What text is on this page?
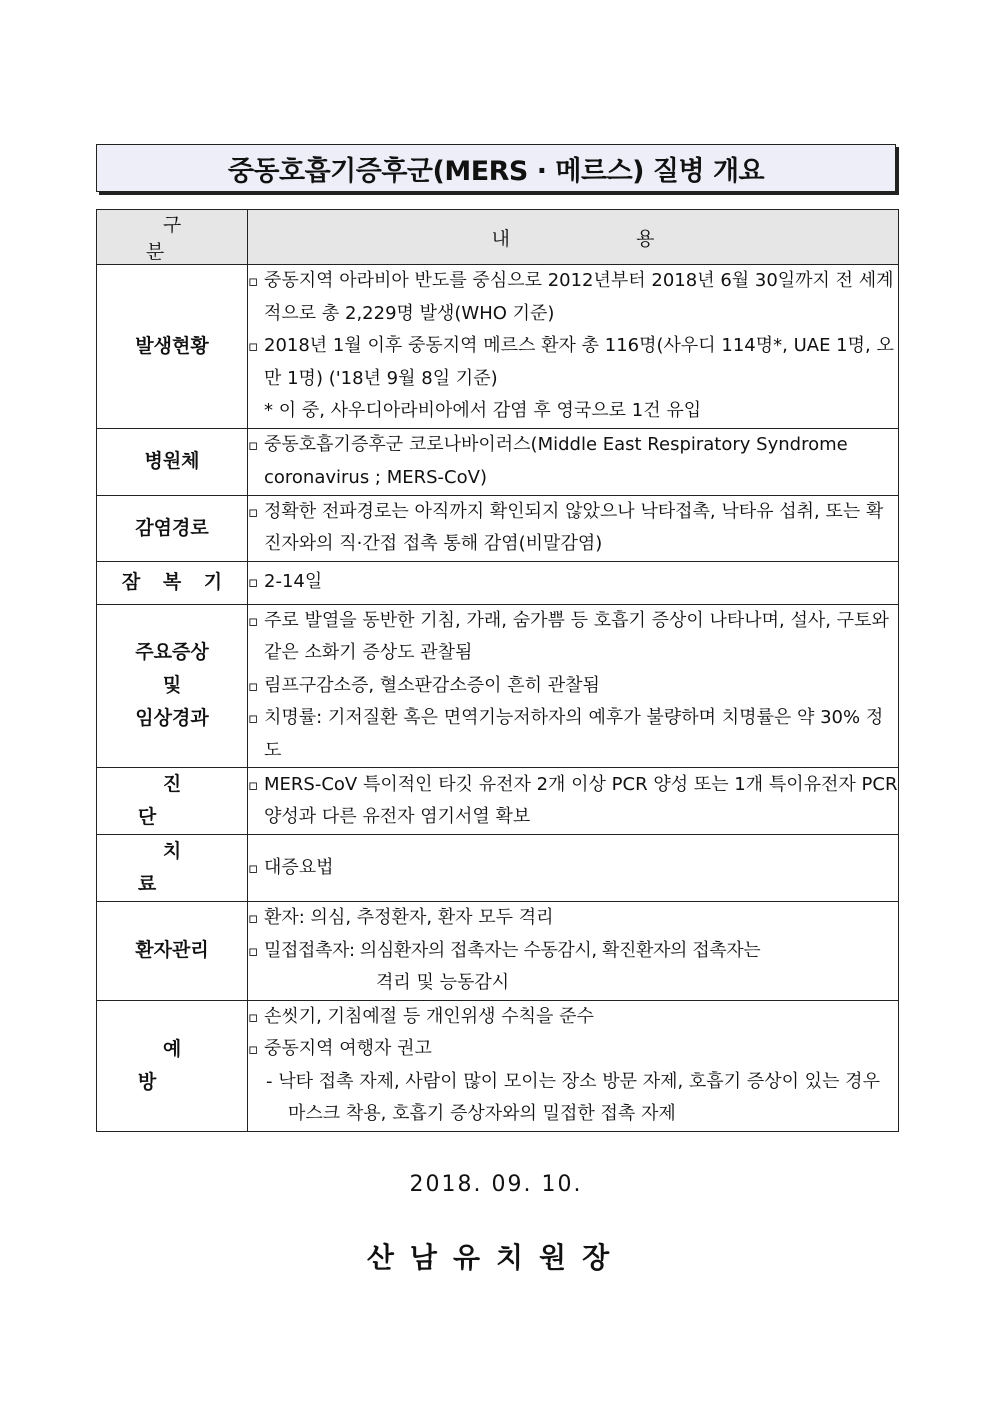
중동호흡기증후군(MERS · 메르스) 질병 개요
구 분	내 용
발생현황	▫ 중동지역 아라비아 반도를 중심으로 2012년부터 2018년 6월 30일까지 전 세계적으로 총 2,229명 발생(WHO 기준)
▫ 2018년 1월 이후 중동지역 메르스 환자 총 116명(사우디 114명*, UAE 1명, 오만 1명) ('18년 9월 8일 기준)
* 이 중, 사우디아라비아에서 감염 후 영국으로 1건 유입

병원체	▫ 중동호흡기증후군 코로나바이러스(Middle East Respiratory Syndrome coronavirus ; MERS-CoV)

감염경로	▫ 정확한 전파경로는 아직까지 확인되지 않았으나 낙타접촉, 낙타유 섭취, 또는 확진자와의 직·간접 접촉 통해 감염(비말감염)

잠 복 기	▫ 2-14일

주요증상
및
임상경과	▫ 주로 발열을 동반한 기침, 가래, 숨가쁨 등 호흡기 증상이 나타나며, 설사, 구토와 같은 소화기 증상도 관찰됨
▫ 림프구감소증, 혈소판감소증이 흔히 관찰됨
▫ 치명률: 기저질환 혹은 면역기능저하자의 예후가 불량하며 치명률은 약 30% 정도

진 단	▫ MERS-CoV 특이적인 타깃 유전자 2개 이상 PCR 양성 또는 1개 특이유전자 PCR 양성과 다른 유전자 염기서열 확보

치 료	▫ 대증요법

환자관리	▫ 환자: 의심, 추정환자, 환자 모두 격리
▫ 밀접접촉자: 의심환자의 접촉자는 수동감시, 확진환자의 접촉자는
격리 및 능동감시

예 방	▫ 손씻기, 기침예절 등 개인위생 수칙을 준수
▫ 중동지역 여행자 권고
- 낙타 접촉 자제, 사람이 많이 모이는 장소 방문 자제, 호흡기 증상이 있는 경우 마스크 착용, 호흡기 증상자와의 밀접한 접촉 자제
2018. 09. 10.
산남유치원장
